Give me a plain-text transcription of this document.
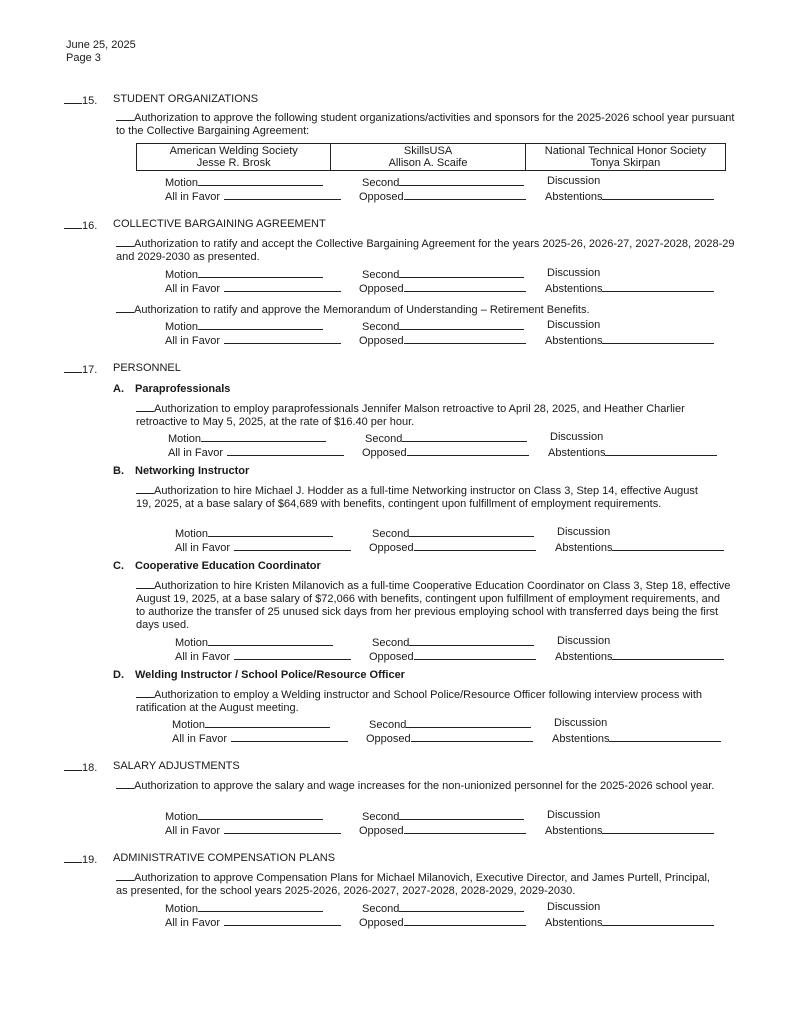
June 25, 2025
Page 3
15. STUDENT ORGANIZATIONS
Authorization to approve the following student organizations/activities and sponsors for the 2025-2026 school year pursuant to the Collective Bargaining Agreement:
American Welding Society
Jesse R. Brosk

SkillsUSA
Allison A. Scaife

National Technical Honor Society
Tonya Skirpan
Motion	Second	Discussion
All in Favor	Opposed	Abstentions
16. COLLECTIVE BARGAINING AGREEMENT
Authorization to ratify and accept the Collective Bargaining Agreement for the years 2025-26, 2026-27, 2027-2028, 2028-29 and 2029-2030 as presented.
Motion	Second	Discussion
All in Favor	Opposed	Abstentions
Authorization to ratify and approve the Memorandum of Understanding – Retirement Benefits.
Motion	Second	Discussion
All in Favor	Opposed	Abstentions
17. PERSONNEL
A. Paraprofessionals
Authorization to employ paraprofessionals Jennifer Malson retroactive to April 28, 2025, and Heather Charlier retroactive to May 5, 2025, at the rate of $16.40 per hour.
Motion	Second	Discussion
All in Favor	Opposed	Abstentions
B. Networking Instructor
Authorization to hire Michael J. Hodder as a full-time Networking instructor on Class 3, Step 14, effective August 19, 2025, at a base salary of $64,689 with benefits, contingent upon fulfillment of employment requirements.
Motion	Second	Discussion
All in Favor	Opposed	Abstentions
C. Cooperative Education Coordinator
Authorization to hire Kristen Milanovich as a full-time Cooperative Education Coordinator on Class 3, Step 18, effective August 19, 2025, at a base salary of $72,066 with benefits, contingent upon fulfillment of employment requirements, and to authorize the transfer of 25 unused sick days from her previous employing school with transferred days being the first days used.
Motion	Second	Discussion
All in Favor	Opposed	Abstentions
D. Welding Instructor / School Police/Resource Officer
Authorization to employ a Welding instructor and School Police/Resource Officer following interview process with ratification at the August meeting.
Motion	Second	Discussion
All in Favor	Opposed	Abstentions
18. SALARY ADJUSTMENTS
Authorization to approve the salary and wage increases for the non-unionized personnel for the 2025-2026 school year.
Motion	Second	Discussion
All in Favor	Opposed	Abstentions
19. ADMINISTRATIVE COMPENSATION PLANS
Authorization to approve Compensation Plans for Michael Milanovich, Executive Director, and James Purtell, Principal, as presented, for the school years 2025-2026, 2026-2027, 2027-2028, 2028-2029, 2029-2030.
Motion	Second	Discussion
All in Favor	Opposed	Abstentions
